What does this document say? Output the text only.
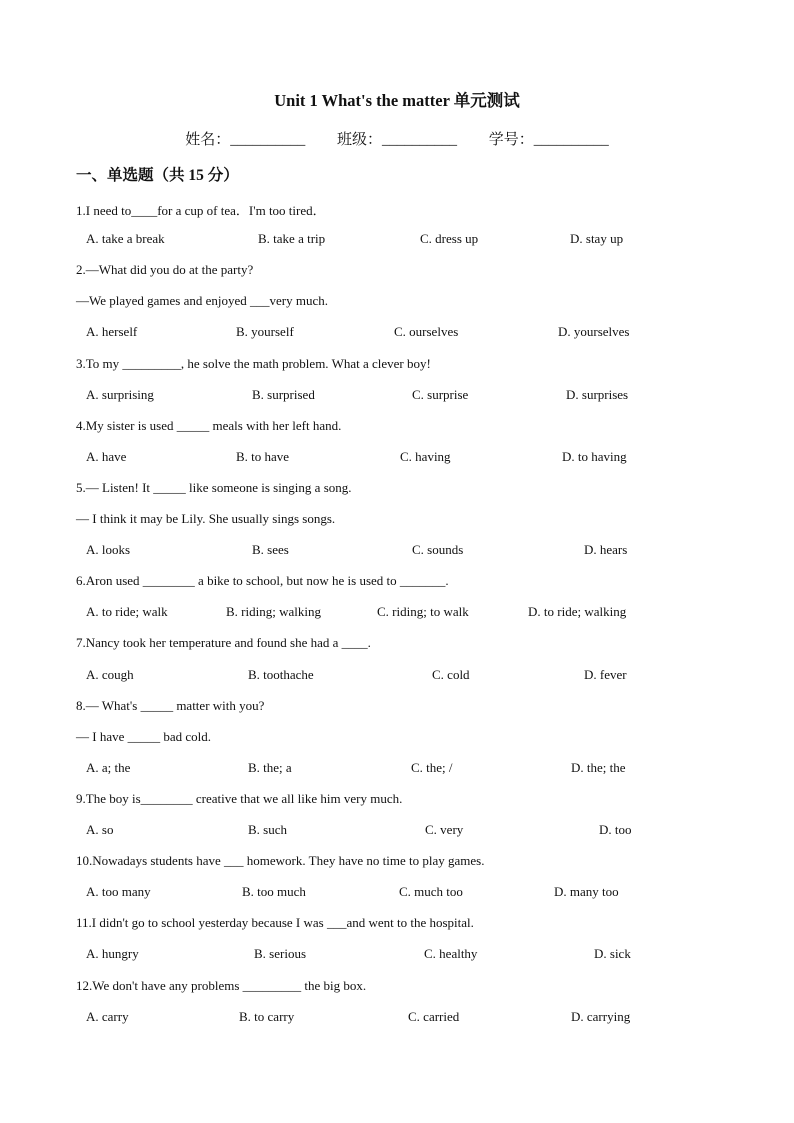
Unit 1 What's the matter 单元测试
姓名：__________ 班级：__________ 学号：__________
一、单选题（共 15 分）
1.I need to____for a cup of tea．I'm too tired．
A. take a break	B. take a trip	C. dress up	D. stay up
2.—What did you do at the party?
—We played games and enjoyed ___very much.
A. herself	B. yourself	C. ourselves	D. yourselves
3.To my _________, he solve the math problem. What a clever boy!
A. surprising	B. surprised	C. surprise	D. surprises
4.My sister is used _____ meals with her left hand.
A. have	B. to have	C. having	D. to having
5.— Listen! It _____ like someone is singing a song.
— I think it may be Lily. She usually sings songs.
A. looks	B. sees	C. sounds	D. hears
6.Aron used ________ a bike to school, but now he is used to _______.
A. to ride; walk	B. riding; walking	C. riding; to walk	D. to ride; walking
7.Nancy took her temperature and found she had a ____.
A. cough	B. toothache	C. cold	D. fever
8.— What's _____ matter with you?
— I have _____ bad cold.
A. a; the	B. the; a	C. the; /	D. the; the
9.The boy is________ creative that we all like him very much.
A. so	B. such	C. very	D. too
10.Nowadays students have ___ homework. They have no time to play games.
A. too many	B. too much	C. much too	D. many too
11.I didn't go to school yesterday because I was ___and went to the hospital.
A. hungry	B. serious	C. healthy	D. sick
12.We don't have any problems _________ the big box.
A. carry	B. to carry	C. carried	D. carrying
